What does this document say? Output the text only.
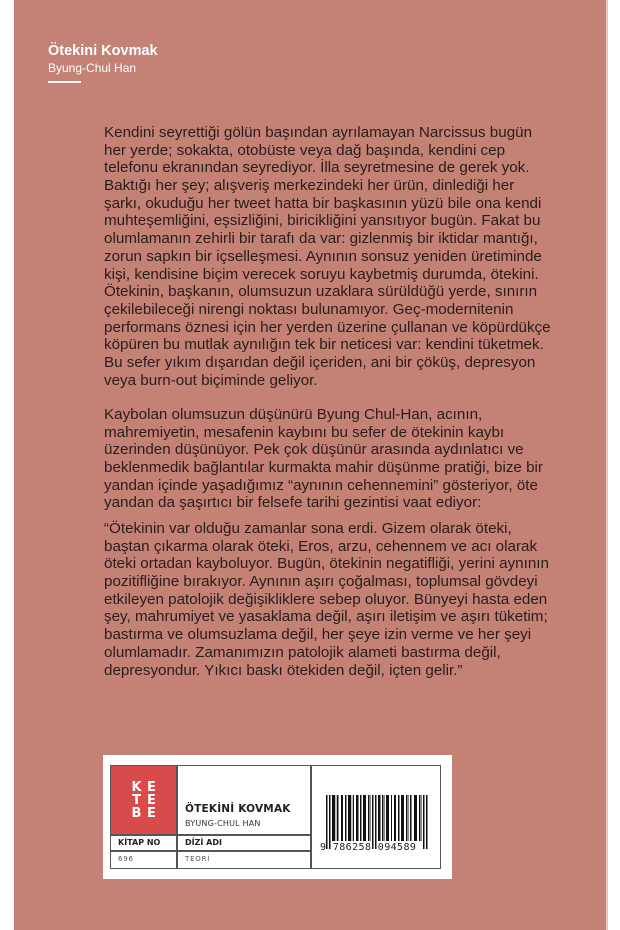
Ötekini Kovmak
Byung-Chul Han
Kendini seyrettiği gölün başından ayrılamayan Narcissus bugün
her yerde; sokakta, otobüste veya dağ başında, kendini cep
telefonu ekranından seyrediyor. İlla seyretmesine de gerek yok.
Baktığı her şey; alışveriş merkezindeki her ürün, dinlediği her
şarkı, okuduğu her tweet hatta bir başkasının yüzü bile ona kendi
muhteşemliğini, eşsizliğini, biricikliğini yansıtıyor bugün. Fakat bu
olumlamanın zehirli bir tarafı da var: gizlenmiş bir iktidar mantığı,
zorun sapkın bir içselleşmesi. Aynının sonsuz yeniden üretiminde
kişi, kendisine biçim verecek soruyu kaybetmiş durumda, ötekini.
Ötekinin, başkanın, olumsuzun uzaklara sürüldüğü yerde, sınırın
çekilebileceği nirengi noktası bulunamıyor. Geç-modernitenin
performans öznesi için her yerden üzerine çullanan ve köpürdükçe
köpüren bu mutlak aynılığın tek bir neticesi var: kendini tüketmek.
Bu sefer yıkım dışarıdan değil içeriden, ani bir çöküş, depresyon
veya burn-out biçiminde geliyor.
Kaybolan olumsuzun düşünürü Byung Chul-Han, acının,
mahremiyetin, mesafenin kaybını bu sefer de ötekinin kaybı
üzerinden düşünüyor. Pek çok düşünür arasında aydınlatıcı ve
beklenmedik bağlantılar kurmakta mahir düşünme pratiği, bize bir
yandan içinde yaşadığımız “aynının cehennemini” gösteriyor, öte
yandan da şaşırtıcı bir felsefe tarihi gezintisi vaat ediyor:
“Ötekinin var olduğu zamanlar sona erdi. Gizem olarak öteki,
baştan çıkarma olarak öteki, Eros, arzu, cehennem ve acı olarak
öteki ortadan kayboluyor. Bugün, ötekinin negatifliği, yerini aynının
pozitifliğine bırakıyor. Aynının aşırı çoğalması, toplumsal gövdeyi
etkileyen patolojik değişikliklere sebep oluyor. Bünyeyi hasta eden
şey, mahrumiyet ve yasaklama değil, aşırı iletişim ve aşırı tüketim;
bastırma ve olumsuzlama değil, her şeye izin verme ve her şeyi
olumlamadır. Zamanımızın patolojik alameti bastırma değil,
depresyondur. Yıkıcı baskı ötekiden değil, içten gelir.”
K E
T E
B E	ÖTEKİNİ KOVMAK
BYUNG-CHUL HAN
KİTAP NO	DİZİ ADI
696	TEORİ
9 786258 094589
